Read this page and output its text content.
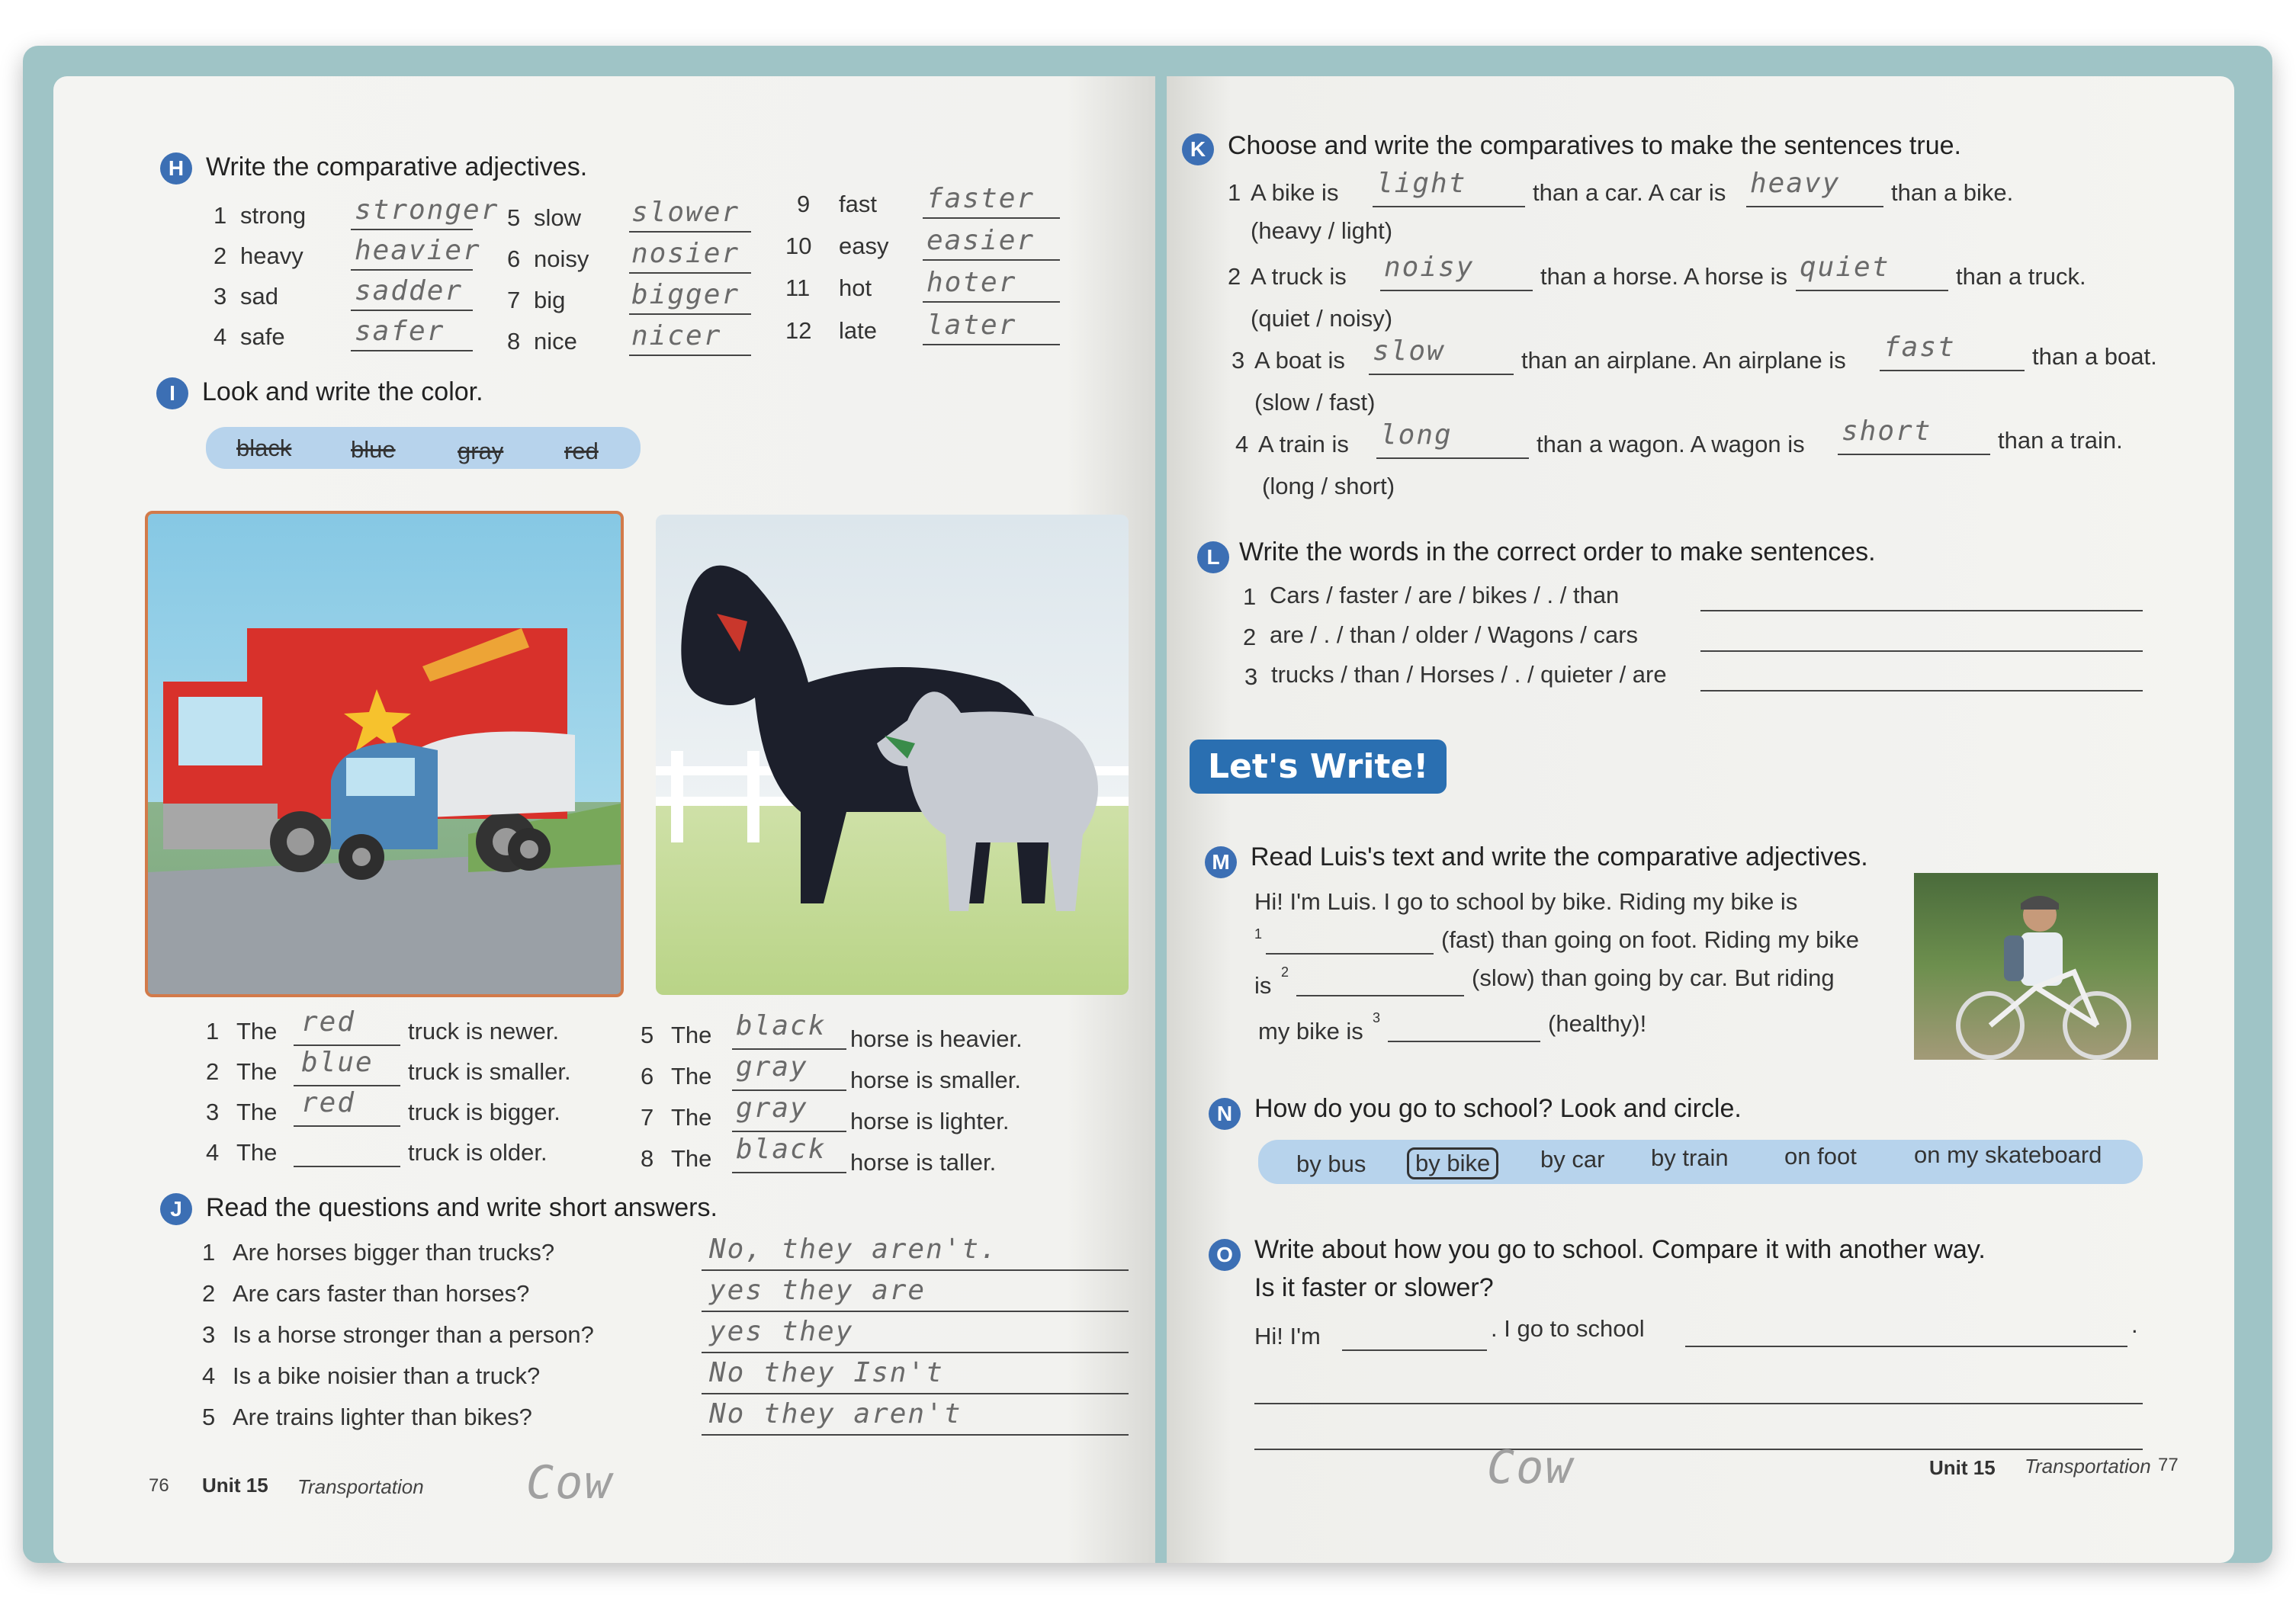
H Write the comparative adjectives.
1 strong stronger
2 heavy heavier
3 sad	sadder
4 safe	safer
5 slow slower
6 noisy nosier
7 big bigger
8 nice nicer
9 fast faster
10 easy easier
11 hot hoter
12 late later
I	Look and write the color.
black	blue	gray	red
1 The red truck is newer.
2 The blue truck is smaller.
3 The red truck is bigger.
4 The	truck is older.
5 The black horse is heavier.
6 The gray horse is smaller.
7 The gray horse is lighter.
8 The black horse is taller.
J Read the questions and write short answers.
1 Are horses bigger than trucks?	No, they aren't.
2 Are cars faster than horses?	yes they are
3 Is a horse stronger than a person?	yes they
4 Is a bike noisier than a truck?	No they Isn't
5 Are trains lighter than bikes?	No they aren't
76 Unit 15 Transportation Cow
K Choose and write the comparatives to make the sentences true.
1 A bike is light	than a car. A car is heavy than a bike.
(heavy / light)
2 A truck is noisy	than a horse. A horse is quiet	than a truck.
(quiet / noisy)
3 A boat is slow	than an airplane. An airplane is fast	than a boat.
(slow / fast)
4 A train is long	than a wagon. A wagon is short	than a train.
(long / short)
L Write the words in the correct order to make sentences.
1 Cars / faster / are / bikes / . / than
2 are / . / than / older / Wagons / cars
3 trucks / than / Horses / . / quieter / are
Let's Write!
M Read Luis's text and write the comparative adjectives.
Hi! I'm Luis. I go to school by bike. Riding my bike is
1	(fast) than going on foot. Riding my bike
is 2	(slow) than going by car. But riding
my bike is 3	(healthy)!
N How do you go to school? Look and circle.
by bus	by bike	by car by train on foot on my skateboard
O Write about how you go to school. Compare it with another way.
Is it faster or slower?
Hi! I'm	. I go to school	.
Cow	Unit 15 Transportation 77
